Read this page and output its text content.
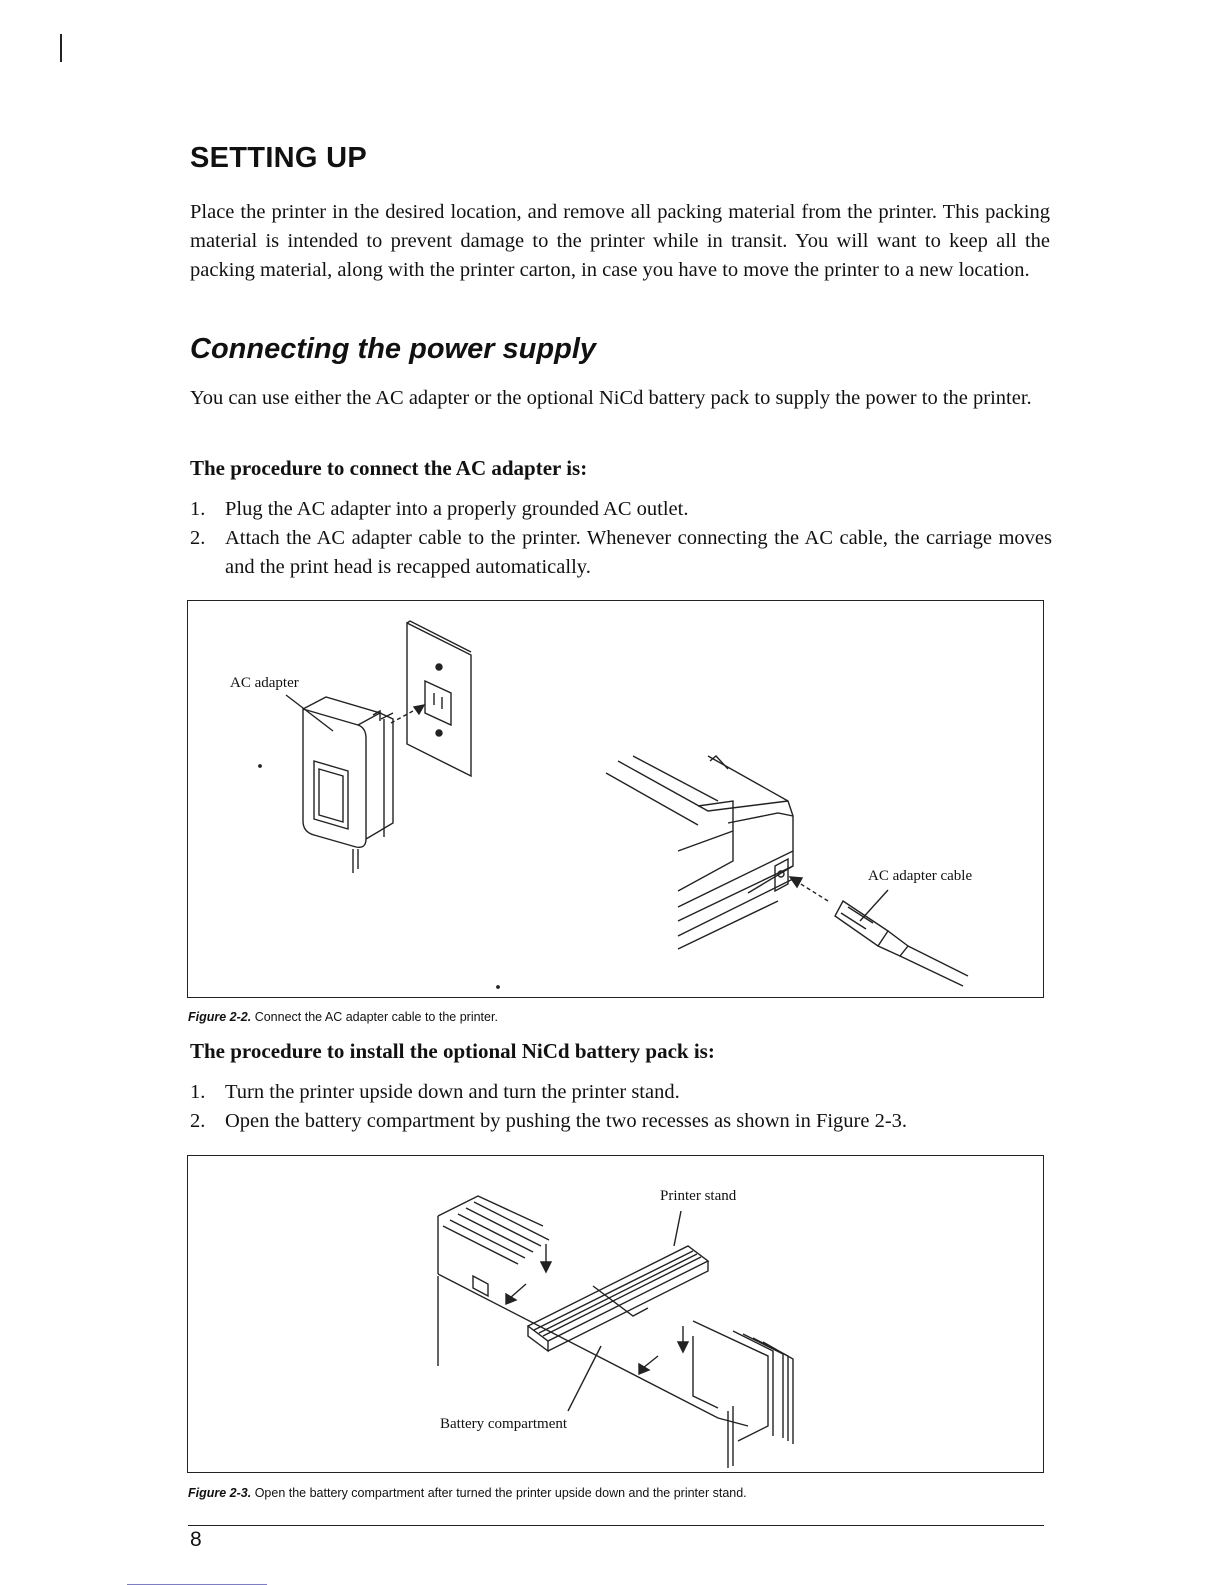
SETTING UP

Place the printer in the desired location, and remove all packing material from the printer. This packing material is intended to prevent damage to the printer while in transit. You will want to keep all the packing material, along with the printer carton, in case you have to move the printer to a new location.

Connecting the power supply

You can use either the AC adapter or the optional NiCd battery pack to supply the power to the printer.

The procedure to connect the AC adapter is:
1. Plug the AC adapter into a properly grounded AC outlet.
2. Attach the AC adapter cable to the printer. Whenever connecting the AC cable, the carriage moves and the print head is recapped automatically.
AC adapter
AC adapter cable

Figure 2-2. Connect the AC adapter cable to the printer.

The procedure to install the optional NiCd battery pack is:
1. Turn the printer upside down and turn the printer stand.
2. Open the battery compartment by pushing the two recesses as shown in Figure 2-3.
Printer stand
Battery compartment

Figure 2-3. Open the battery compartment after turned the printer upside down and the printer stand.

8
